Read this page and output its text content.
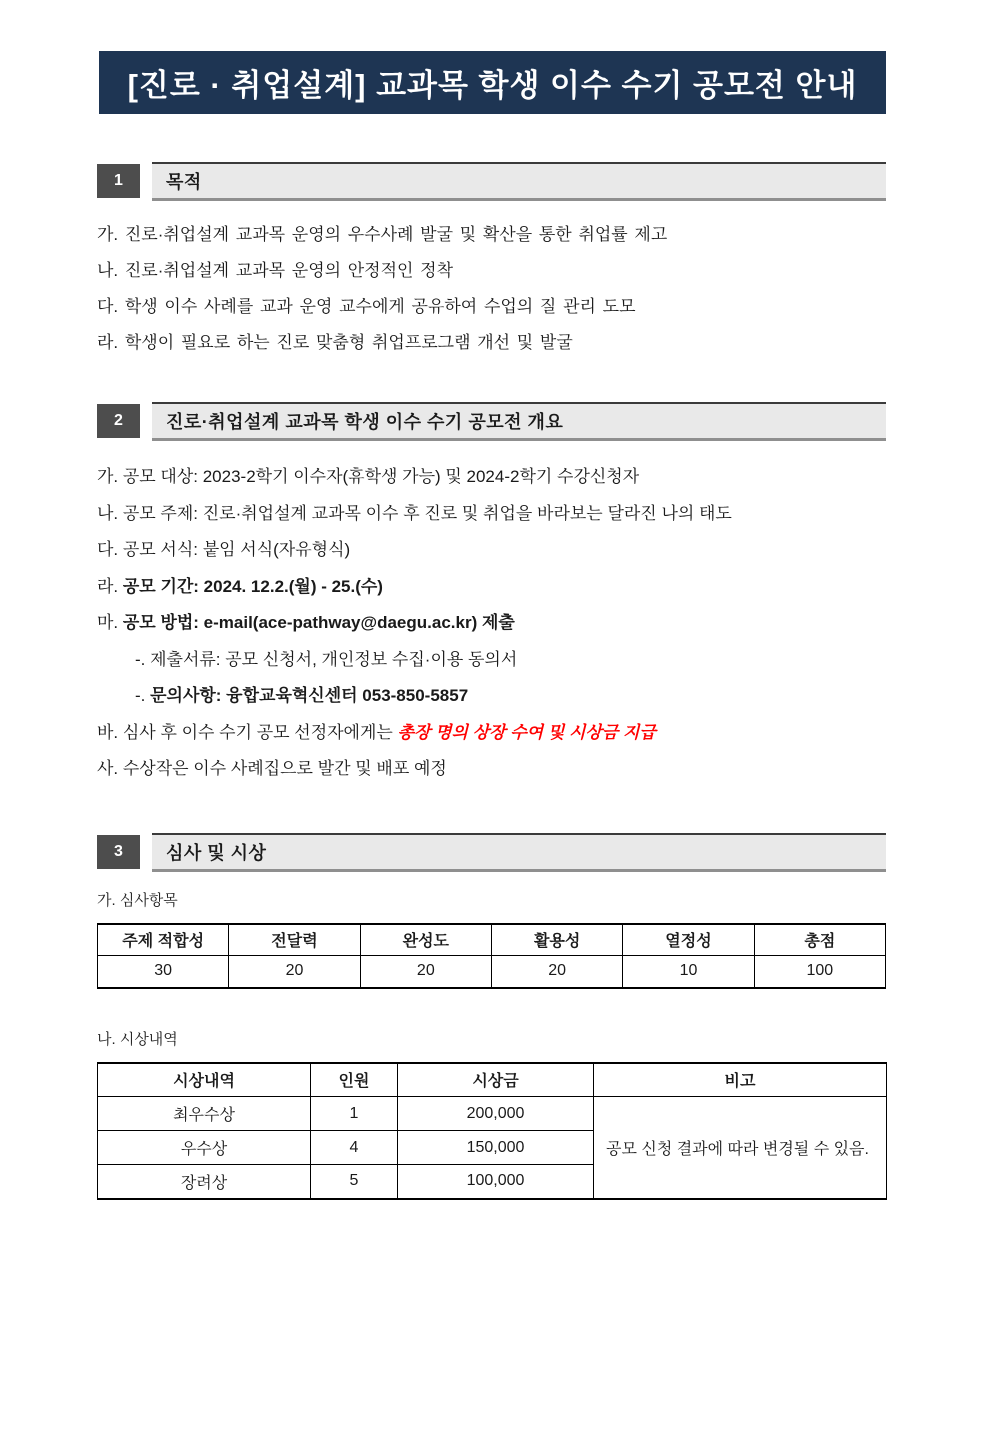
[진로 · 취업설계] 교과목 학생 이수 수기 공모전 안내
1	목적
가. 진로·취업설계 교과목 운영의 우수사례 발굴 및 확산을 통한 취업률 제고
나. 진로·취업설계 교과목 운영의 안정적인 정착
다. 학생 이수 사례를 교과 운영 교수에게 공유하여 수업의 질 관리 도모
라. 학생이 필요로 하는 진로 맞춤형 취업프로그램 개선 및 발굴
2	진로·취업설계 교과목 학생 이수 수기 공모전 개요
가. 공모 대상: 2023-2학기 이수자(휴학생 가능) 및 2024-2학기 수강신청자
나. 공모 주제: 진로·취업설계 교과목 이수 후 진로 및 취업을 바라보는 달라진 나의 태도
다. 공모 서식: 붙임 서식(자유형식)
라. 공모 기간: 2024. 12.2.(월) - 25.(수)
마. 공모 방법: e-mail(ace-pathway@daegu.ac.kr) 제출
-. 제출서류: 공모 신청서, 개인정보 수집·이용 동의서
-. 문의사항: 융합교육혁신센터 053-850-5857
바. 심사 후 이수 수기 공모 선정자에게는 총장 명의 상장 수여 및 시상금 지급
사. 수상작은 이수 사례집으로 발간 및 배포 예정
3	심사 및 시상
가. 심사항목
주제 적합성	전달력	완성도	활용성	열정성	총점
30	20	20	20	10	100
나. 시상내역
시상내역	인원	시상금	비고
최우수상	1	200,000	공모 신청 결과에 따라 변경될 수 있음.
우수상	4	150,000	
장려상	5	100,000	
